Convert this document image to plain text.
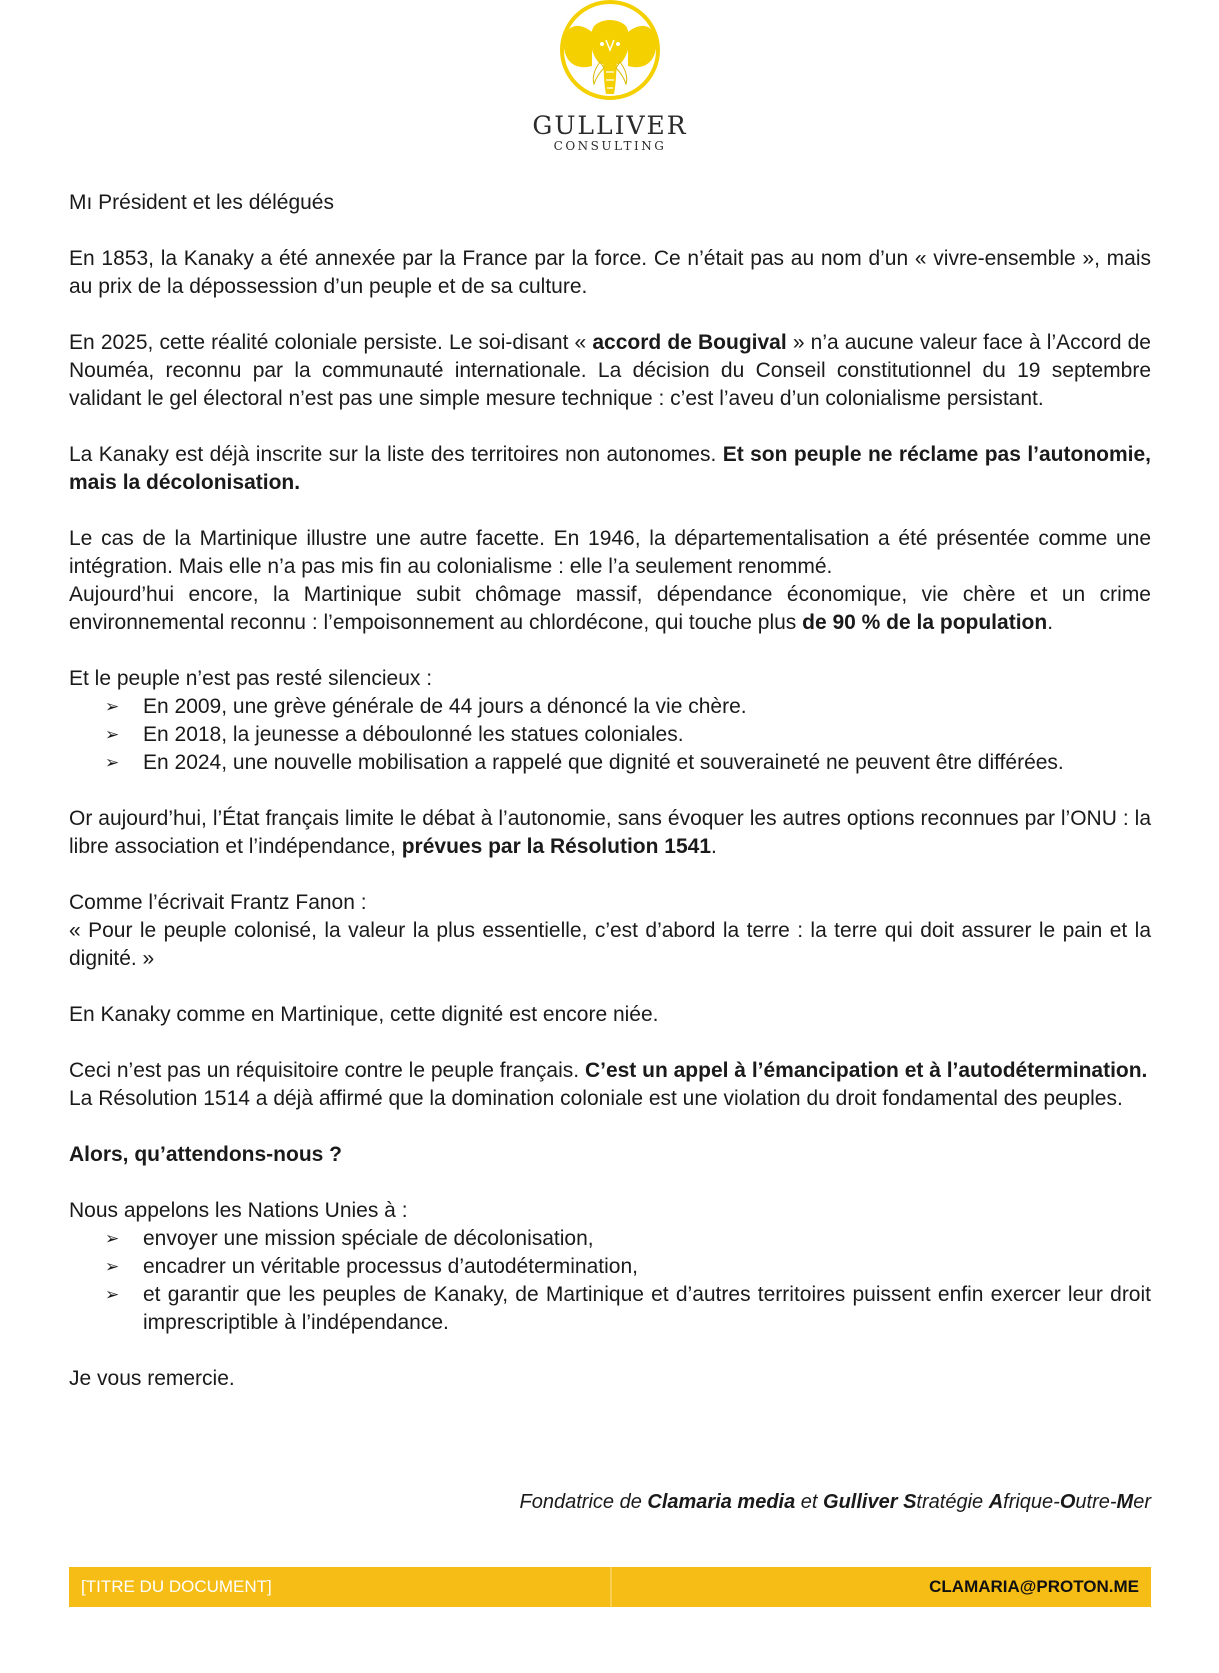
GULLIVER
CONSULTING

Mı Président et les délégués

En 1853, la Kanaky a été annexée par la France par la force. Ce n’était pas au nom d’un « vivre-ensemble », mais au prix de la dépossession d’un peuple et de sa culture.

En 2025, cette réalité coloniale persiste. Le soi-disant « accord de Bougival » n’a aucune valeur face à l’Accord de Nouméa, reconnu par la communauté internationale. La décision du Conseil constitutionnel du 19 septembre validant le gel électoral n’est pas une simple mesure technique : c’est l’aveu d’un colonialisme persistant.

La Kanaky est déjà inscrite sur la liste des territoires non autonomes. Et son peuple ne réclame pas l’autonomie, mais la décolonisation.

Le cas de la Martinique illustre une autre facette. En 1946, la départementalisation a été présentée comme une intégration. Mais elle n’a pas mis fin au colonialisme : elle l’a seulement renommé.

Aujourd’hui encore, la Martinique subit chômage massif, dépendance économique, vie chère et un crime environnemental reconnu : l’empoisonnement au chlordécone, qui touche plus de 90 % de la population.

Et le peuple n’est pas resté silencieux :

➢ En 2009, une grève générale de 44 jours a dénoncé la vie chère.
➢ En 2018, la jeunesse a déboulonné les statues coloniales.
➢ En 2024, une nouvelle mobilisation a rappelé que dignité et souveraineté ne peuvent être différées.

Or aujourd’hui, l’État français limite le débat à l’autonomie, sans évoquer les autres options reconnues par l’ONU : la libre association et l’indépendance, prévues par la Résolution 1541.

Comme l’écrivait Frantz Fanon :

« Pour le peuple colonisé, la valeur la plus essentielle, c’est d’abord la terre : la terre qui doit assurer le pain et la dignité. »

En Kanaky comme en Martinique, cette dignité est encore niée.

Ceci n’est pas un réquisitoire contre le peuple français. C’est un appel à l’émancipation et à l’autodétermination.

La Résolution 1514 a déjà affirmé que la domination coloniale est une violation du droit fondamental des peuples.

Alors, qu’attendons-nous ?

Nous appelons les Nations Unies à :

➢ envoyer une mission spéciale de décolonisation,
➢ encadrer un véritable processus d’autodétermination,
➢ et garantir que les peuples de Kanaky, de Martinique et d’autres territoires puissent enfin exercer leur droit imprescriptible à l’indépendance.

Je vous remercie.

Fondatrice de Clamaria media et Gulliver Stratégie Afrique-Outre-Mer
[TITRE DU DOCUMENT]	CLAMARIA@PROTON.ME
